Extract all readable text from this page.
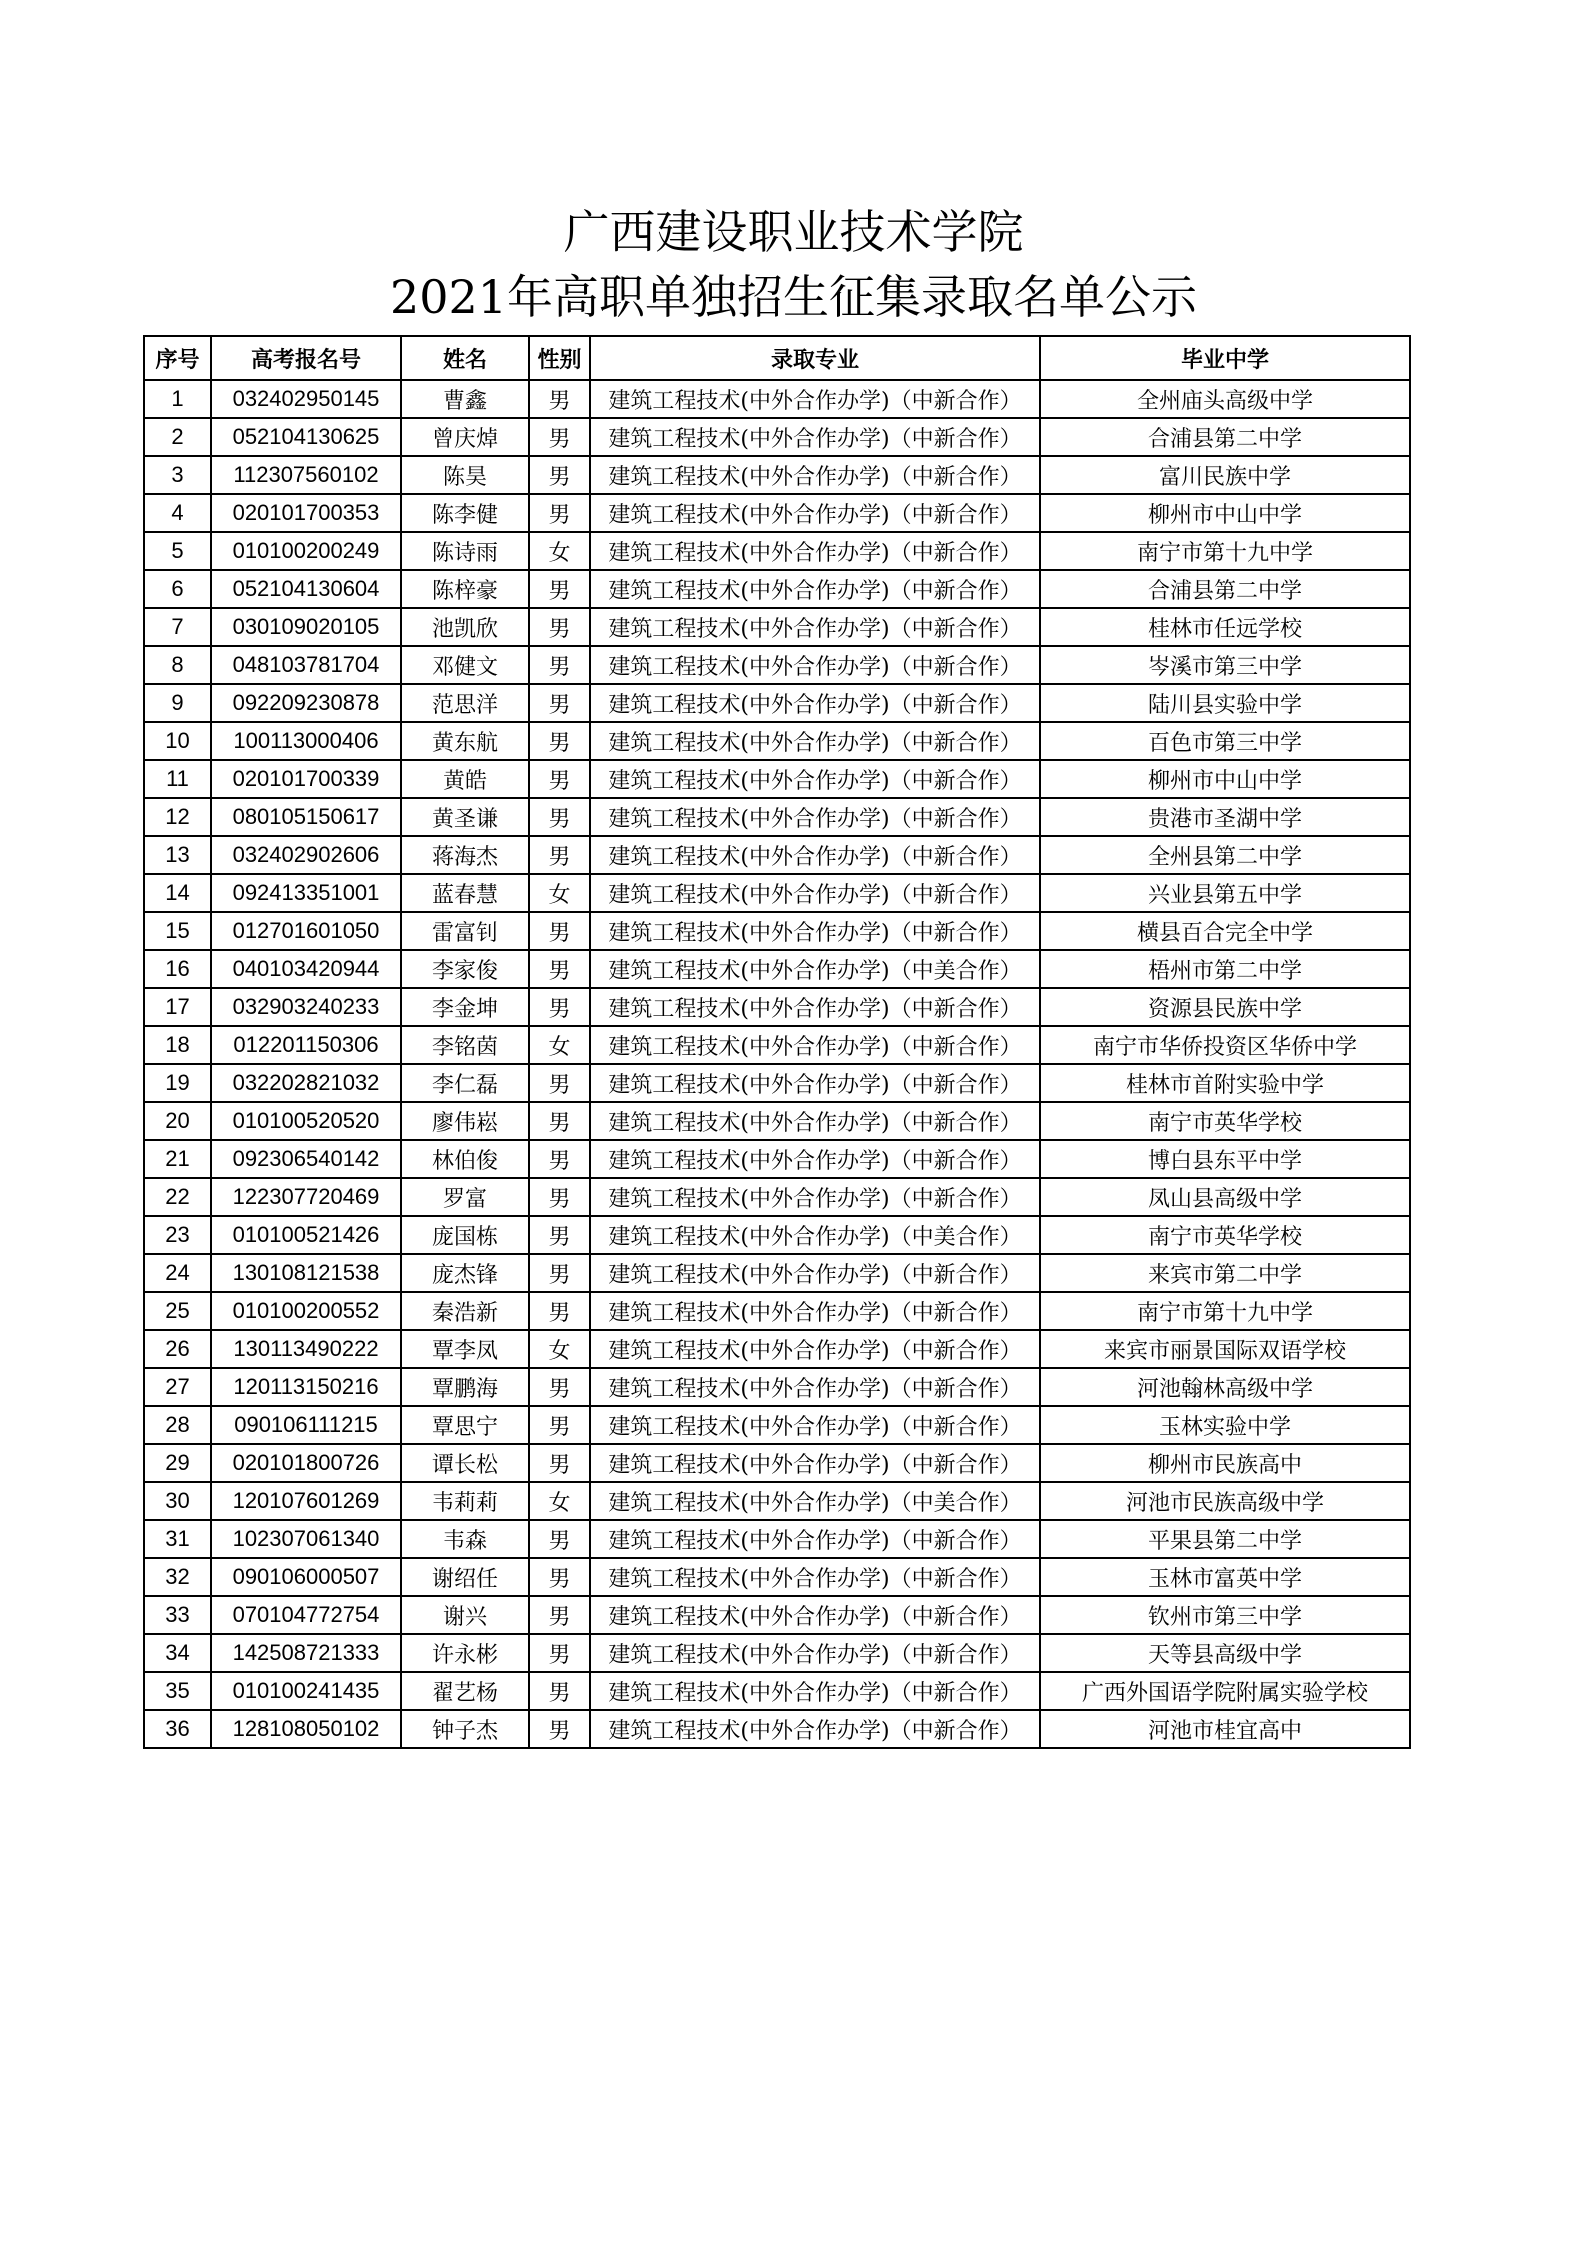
广西建设职业技术学院
2021年高职单独招生征集录取名单公示
序号	高考报名号	姓名	性别	录取专业	毕业中学
1	032402950145	曹鑫	男	建筑工程技术(中外合作办学)（中新合作）	全州庙头高级中学
2	052104130625	曾庆焯	男	建筑工程技术(中外合作办学)（中新合作）	合浦县第二中学
3	112307560102	陈昊	男	建筑工程技术(中外合作办学)（中新合作）	富川民族中学
4	020101700353	陈李健	男	建筑工程技术(中外合作办学)（中新合作）	柳州市中山中学
5	010100200249	陈诗雨	女	建筑工程技术(中外合作办学)（中新合作）	南宁市第十九中学
6	052104130604	陈梓豪	男	建筑工程技术(中外合作办学)（中新合作）	合浦县第二中学
7	030109020105	池凯欣	男	建筑工程技术(中外合作办学)（中新合作）	桂林市任远学校
8	048103781704	邓健文	男	建筑工程技术(中外合作办学)（中新合作）	岑溪市第三中学
9	092209230878	范思洋	男	建筑工程技术(中外合作办学)（中新合作）	陆川县实验中学
10	100113000406	黄东航	男	建筑工程技术(中外合作办学)（中新合作）	百色市第三中学
11	020101700339	黄皓	男	建筑工程技术(中外合作办学)（中新合作）	柳州市中山中学
12	080105150617	黄圣谦	男	建筑工程技术(中外合作办学)（中新合作）	贵港市圣湖中学
13	032402902606	蒋海杰	男	建筑工程技术(中外合作办学)（中新合作）	全州县第二中学
14	092413351001	蓝春慧	女	建筑工程技术(中外合作办学)（中新合作）	兴业县第五中学
15	012701601050	雷富钊	男	建筑工程技术(中外合作办学)（中新合作）	横县百合完全中学
16	040103420944	李家俊	男	建筑工程技术(中外合作办学)（中美合作）	梧州市第二中学
17	032903240233	李金坤	男	建筑工程技术(中外合作办学)（中新合作）	资源县民族中学
18	012201150306	李铭茵	女	建筑工程技术(中外合作办学)（中新合作）	南宁市华侨投资区华侨中学
19	032202821032	李仁磊	男	建筑工程技术(中外合作办学)（中新合作）	桂林市首附实验中学
20	010100520520	廖伟崧	男	建筑工程技术(中外合作办学)（中新合作）	南宁市英华学校
21	092306540142	林伯俊	男	建筑工程技术(中外合作办学)（中新合作）	博白县东平中学
22	122307720469	罗富	男	建筑工程技术(中外合作办学)（中新合作）	凤山县高级中学
23	010100521426	庞国栋	男	建筑工程技术(中外合作办学)（中美合作）	南宁市英华学校
24	130108121538	庞杰锋	男	建筑工程技术(中外合作办学)（中新合作）	来宾市第二中学
25	010100200552	秦浩新	男	建筑工程技术(中外合作办学)（中新合作）	南宁市第十九中学
26	130113490222	覃李凤	女	建筑工程技术(中外合作办学)（中新合作）	来宾市丽景国际双语学校
27	120113150216	覃鹏海	男	建筑工程技术(中外合作办学)（中新合作）	河池翰林高级中学
28	090106111215	覃思宁	男	建筑工程技术(中外合作办学)（中新合作）	玉林实验中学
29	020101800726	谭长松	男	建筑工程技术(中外合作办学)（中新合作）	柳州市民族高中
30	120107601269	韦莉莉	女	建筑工程技术(中外合作办学)（中美合作）	河池市民族高级中学
31	102307061340	韦森	男	建筑工程技术(中外合作办学)（中新合作）	平果县第二中学
32	090106000507	谢绍任	男	建筑工程技术(中外合作办学)（中新合作）	玉林市富英中学
33	070104772754	谢兴	男	建筑工程技术(中外合作办学)（中新合作）	钦州市第三中学
34	142508721333	许永彬	男	建筑工程技术(中外合作办学)（中新合作）	天等县高级中学
35	010100241435	翟艺杨	男	建筑工程技术(中外合作办学)（中新合作）	广西外国语学院附属实验学校
36	128108050102	钟子杰	男	建筑工程技术(中外合作办学)（中新合作）	河池市桂宜高中
